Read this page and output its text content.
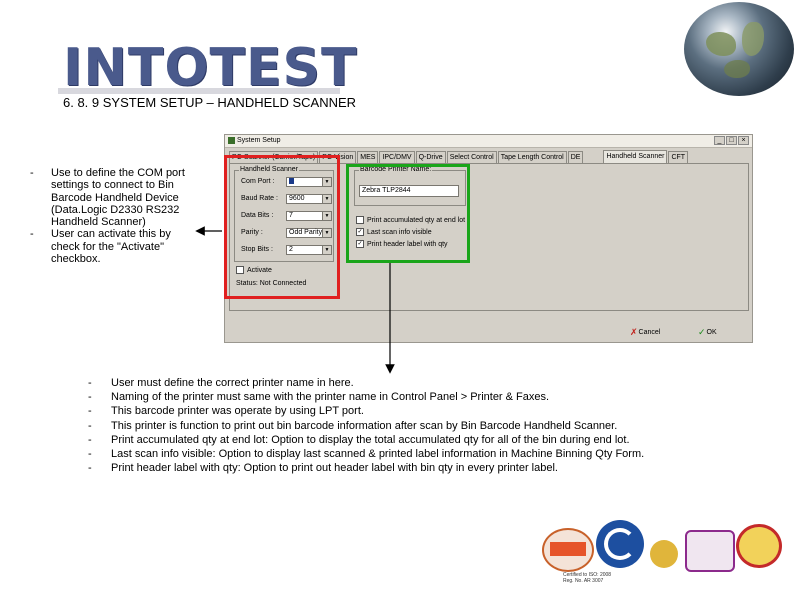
INTOTEST
6. 8. 9 SYSTEM SETUP – HANDHELD SCANNER
- Use to define the COM port settings to connect to Bin Barcode Handheld Device (Data.Logic D2330 RS232 Handheld Scanner)
- User can activate this by check for the "Activate" checkbox.
System Setup	_	□	×
PC-Scanner (Carrier/Tape)	PC-Vision	MES	IPC/DMV	Q-Drive	Select Control	Tape Length Control	DE	Handheld Scanner	CFT
Handheld Scanner
Com Port :	▼
Baud Rate :	9600	▼
Data Bits :	7	▼
Parity :	Odd Parity ▼
Stop Bits :	2	▼
Activate
Status: Not Connected
Barcode Printer Name:
Zebra TLP2844
Print accumulated qty at end lot
✓ Last scan info visible
✓ Print header label with qty
✗ Cancel	✓ OK
- User must define the correct printer name in here.
- Naming of the printer must same with the printer name in Control Panel > Printer & Faxes.
- This barcode printer was operate by using LPT port.
- This printer is function to print out bin barcode information after scan by Bin Barcode Handheld Scanner.
- Print accumulated qty at end lot: Option to display the total accumulated qty for all of the bin during end lot.
- Last scan info visible: Option to display last scanned & printed label information in Machine Binning Qty Form.
- Print header label with qty: Option to print out header label with bin qty in every printer label.
Certified to ISO: 2008
Reg. No. AR 3007
